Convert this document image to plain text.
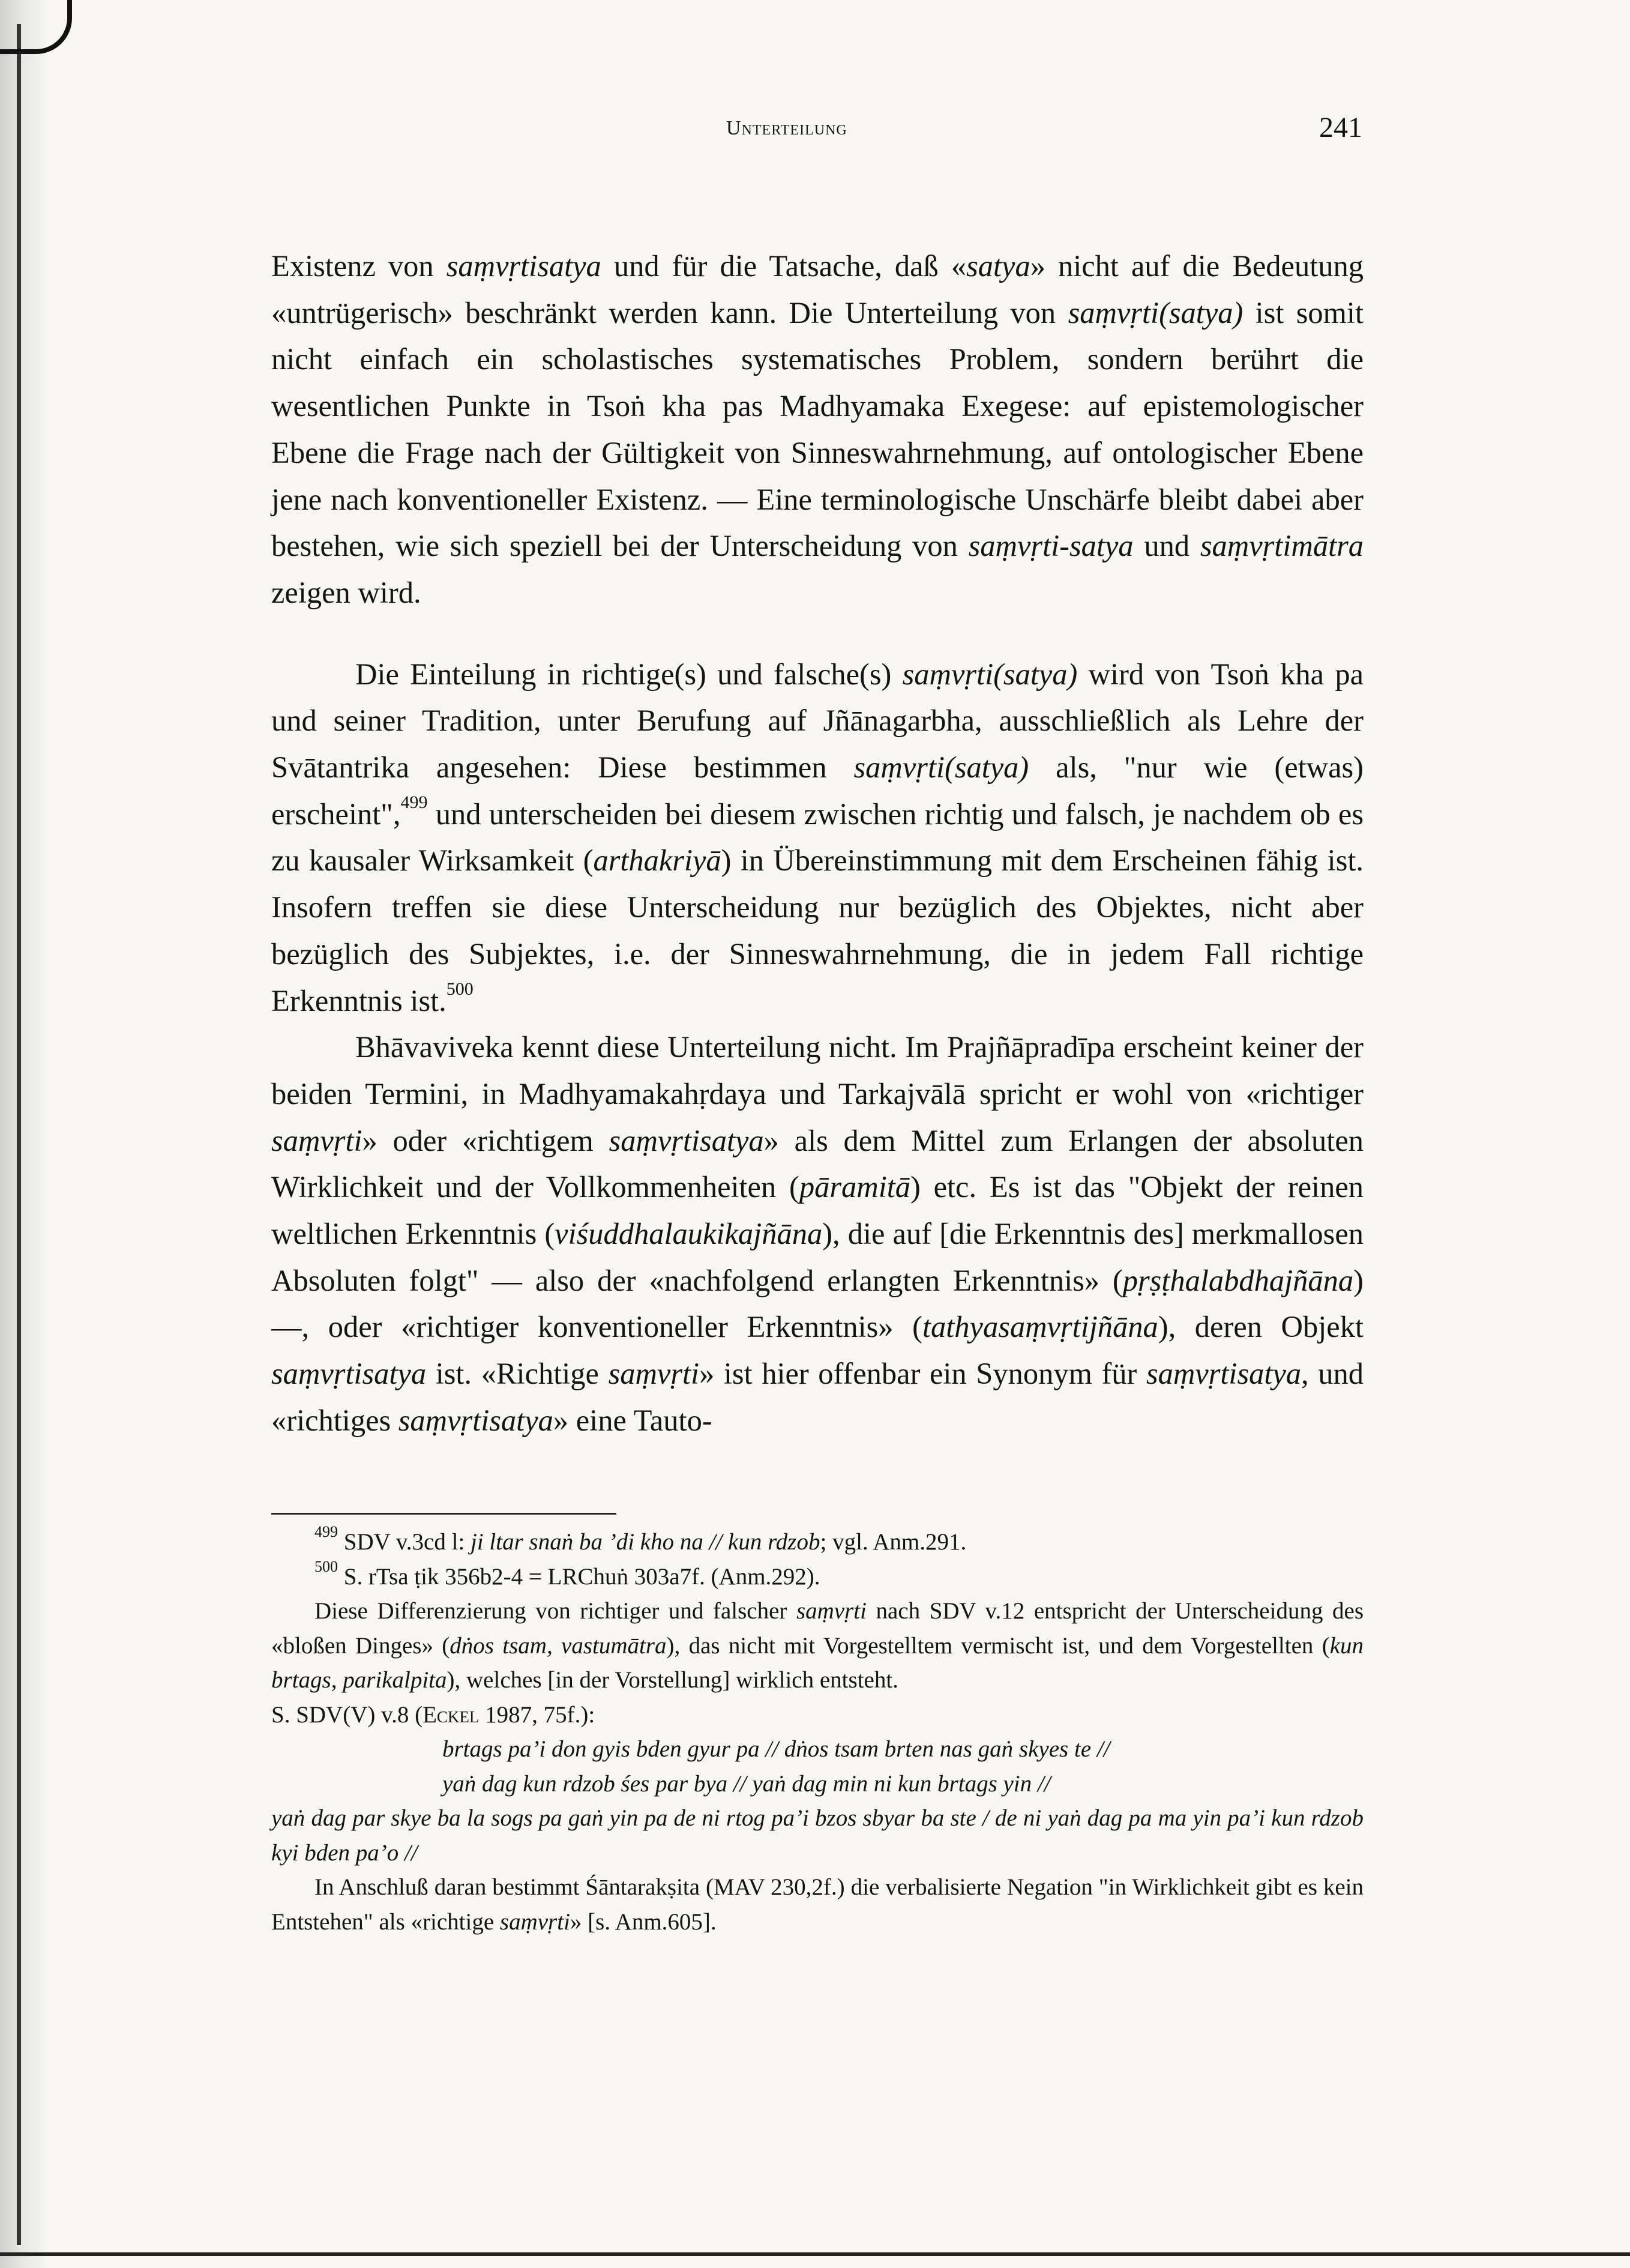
Unterteilung	241

Existenz von saṃvṛtisatya und für die Tatsache, daß «satya» nicht auf die Bedeutung «untrügerisch» beschränkt werden kann. Die Unterteilung von saṃvṛti(satya) ist somit nicht einfach ein scholastisches systematisches Problem, sondern berührt die wesentlichen Punkte in Tsoṅ kha pas Madhyamaka Exegese: auf epistemologischer Ebene die Frage nach der Gültigkeit von Sinneswahrnehmung, auf ontologischer Ebene jene nach konventioneller Existenz. — Eine terminologische Unschärfe bleibt dabei aber bestehen, wie sich speziell bei der Unterscheidung von saṃvṛti-satya und saṃvṛtimātra zeigen wird.

Die Einteilung in richtige(s) und falsche(s) saṃvṛti(satya) wird von Tsoṅ kha pa und seiner Tradition, unter Berufung auf Jñānagarbha, ausschließlich als Lehre der Svātantrika angesehen: Diese bestimmen saṃvṛti(satya) als, "nur wie (etwas) erscheint",$^{499}$ und unterscheiden bei diesem zwischen richtig und falsch, je nachdem ob es zu kausaler Wirksamkeit (arthakriyā) in Übereinstimmung mit dem Erscheinen fähig ist. Insofern treffen sie diese Unterscheidung nur bezüglich des Objektes, nicht aber bezüglich des Subjektes, i.e. der Sinneswahrnehmung, die in jedem Fall richtige Erkenntnis ist.$^{500}$

Bhāvaviveka kennt diese Unterteilung nicht. Im Prajñāpradīpa erscheint keiner der beiden Termini, in Madhyamakahṛdaya und Tarkajvālā spricht er wohl von «richtiger saṃvṛti» oder «richtigem saṃvṛtisatya» als dem Mittel zum Erlangen der absoluten Wirklichkeit und der Vollkommenheiten (pāramitā) etc. Es ist das "Objekt der reinen weltlichen Erkenntnis (viśuddhalaukikajñāna), die auf [die Erkenntnis des] merkmallosen Absoluten folgt" — also der «nachfolgend erlangten Erkenntnis» (pṛṣṭhalabdhajñāna) —, oder «richtiger konventioneller Erkenntnis» (tathyasaṃvṛtijñāna), deren Objekt saṃvṛtisatya ist. «Richtige saṃvṛti» ist hier offenbar ein Synonym für saṃvṛtisatya, und «richtiges saṃvṛtisatya» eine Tauto-

$^{499}$ SDV v.3cd l: ji ltar snaṅ ba ’di kho na // kun rdzob; vgl. Anm.291.

$^{500}$ S. rTsa ṭik 356b2-4 = LRChuṅ 303a7f. (Anm.292).

Diese Differenzierung von richtiger und falscher saṃvṛti nach SDV v.12 entspricht der Unterscheidung des «bloßen Dinges» (dṅos tsam, vastumātra), das nicht mit Vorgestelltem vermischt ist, und dem Vorgestellten (kun brtags, parikalpita), welches [in der Vorstellung] wirklich entsteht.

S. SDV(V) v.8 (Eckel 1987, 75f.):

brtags pa’i don gyis bden gyur pa // dṅos tsam brten nas gaṅ skyes te //

yaṅ dag kun rdzob śes par bya // yaṅ dag min ni kun brtags yin //

yaṅ dag par skye ba la sogs pa gaṅ yin pa de ni rtog pa’i bzos sbyar ba ste / de ni yaṅ dag pa ma yin pa’i kun rdzob kyi bden pa’o //

In Anschluß daran bestimmt Śāntarakṣita (MAV 230,2f.) die verbalisierte Negation "in Wirklichkeit gibt es kein Entstehen" als «richtige saṃvṛti» [s. Anm.605].
